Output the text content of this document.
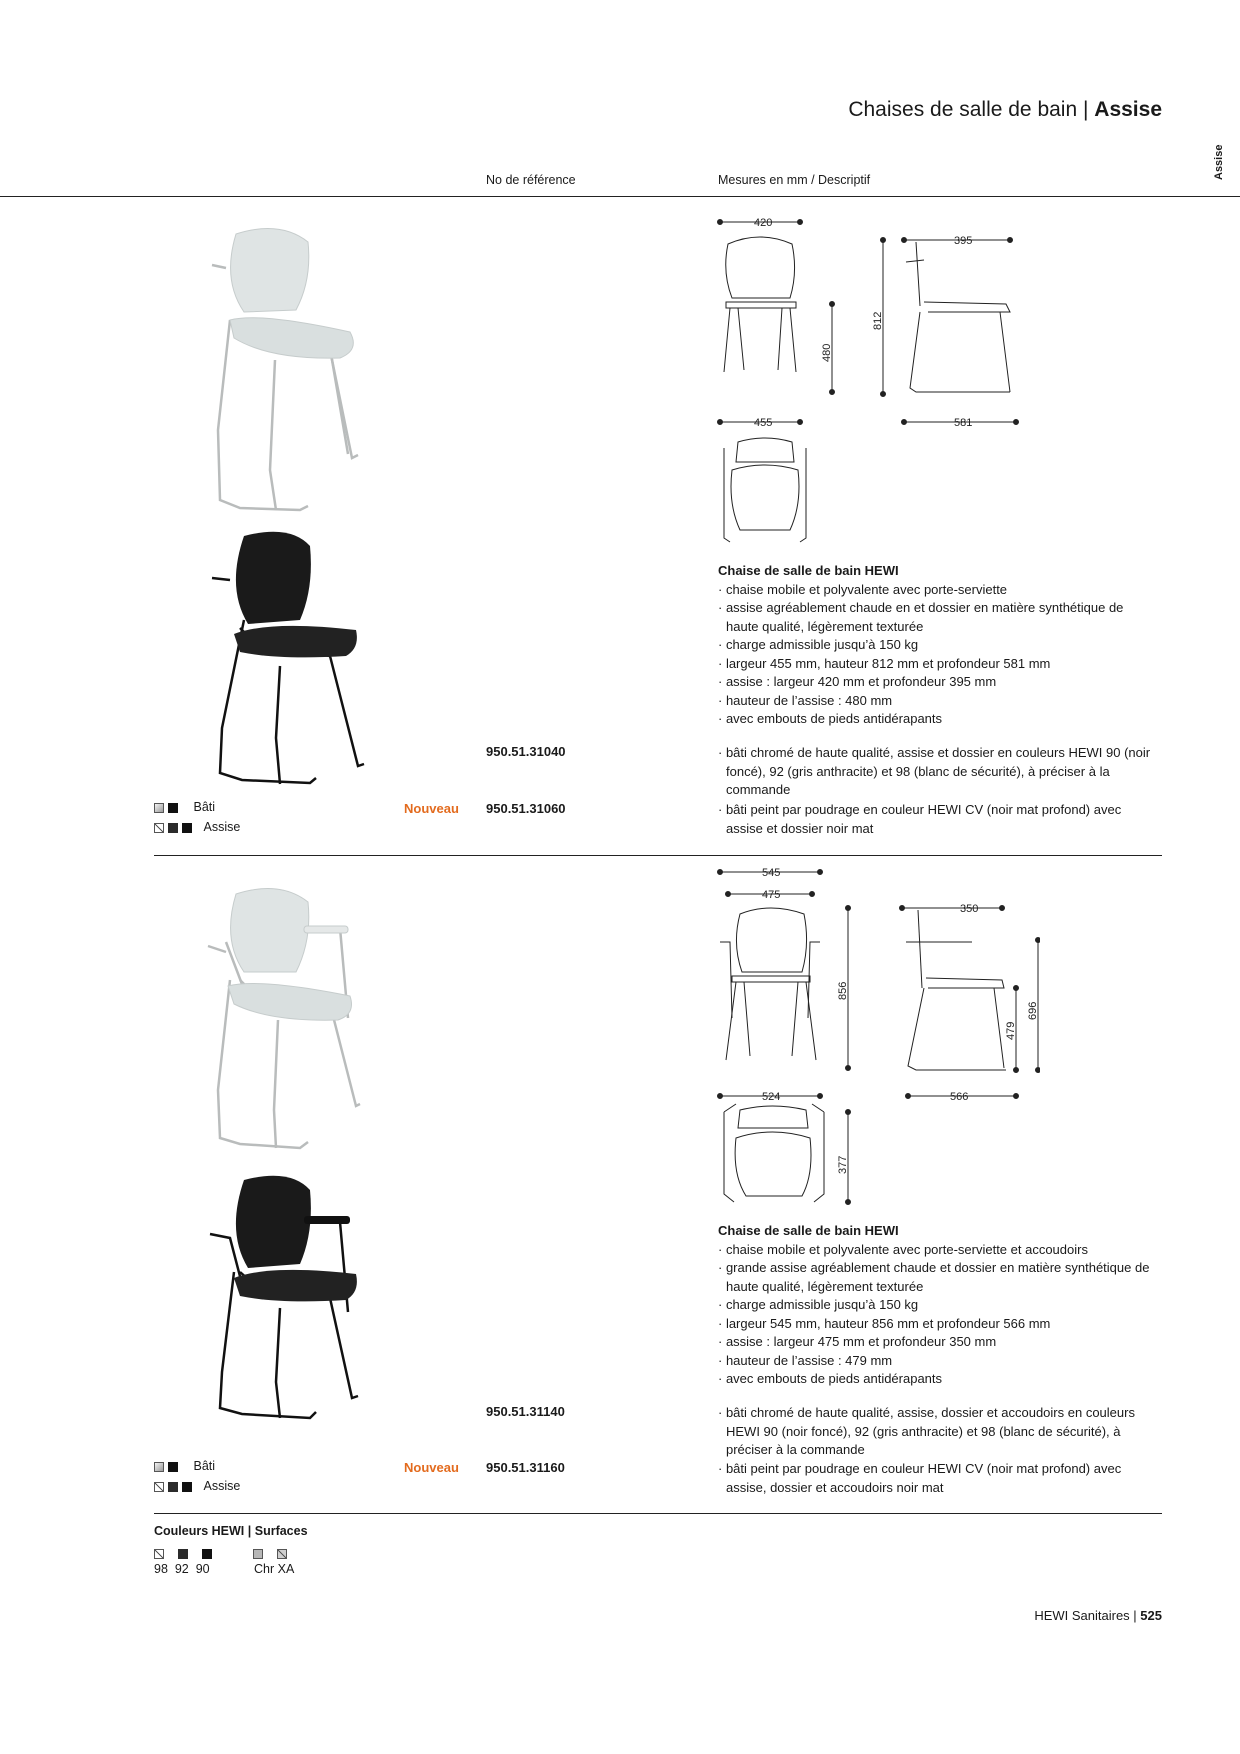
Chaises de salle de bain | Assise
Assise
No de référence	Mesures en mm / Descriptif
420
455
395
581
480
812
Chaise de salle de bain HEWI
· chaise mobile et polyvalente avec porte-serviette
· assise agréablement chaude en et dossier en matière synthétique de haute qualité, légèrement texturée
· charge admissible jusqu’à 150 kg
· largeur 455 mm, hauteur 812 mm et profondeur 581 mm
· assise : largeur 420 mm et profondeur 395 mm
· hauteur de l’assise : 480 mm
· avec embouts de pieds antidérapants
950.51.31040	· bâti chromé de haute qualité, assise et dossier en couleurs HEWI 90 (noir foncé), 92 (gris anthracite) et 98 (blanc de sécurité), à préciser à la commande
Bâti
Assise
Nouveau 950.51.31060	· bâti peint par poudrage en couleur HEWI CV (noir mat profond) avec assise et dossier noir mat
545
475
524
350
566
856
479
696
377
Chaise de salle de bain HEWI
· chaise mobile et polyvalente avec porte-serviette et accoudoirs
· grande assise agréablement chaude et dossier en matière synthétique de haute qualité, légèrement texturée
· charge admissible jusqu’à 150 kg
· largeur 545 mm, hauteur 856 mm et profondeur 566 mm
· assise : largeur 475 mm et profondeur 350 mm
· hauteur de l’assise : 479 mm
· avec embouts de pieds antidérapants
950.51.31140	· bâti chromé de haute qualité, assise, dossier et accoudoirs en couleurs HEWI 90 (noir foncé), 92 (gris anthracite) et 98 (blanc de sécurité), à préciser à la commande
Bâti
Assise
Nouveau 950.51.31160	· bâti peint par poudrage en couleur HEWI CV (noir mat profond) avec assise, dossier et accoudoirs noir mat
Couleurs HEWI | Surfaces

98  92  90	Chr XA
HEWI Sanitaires | 525
